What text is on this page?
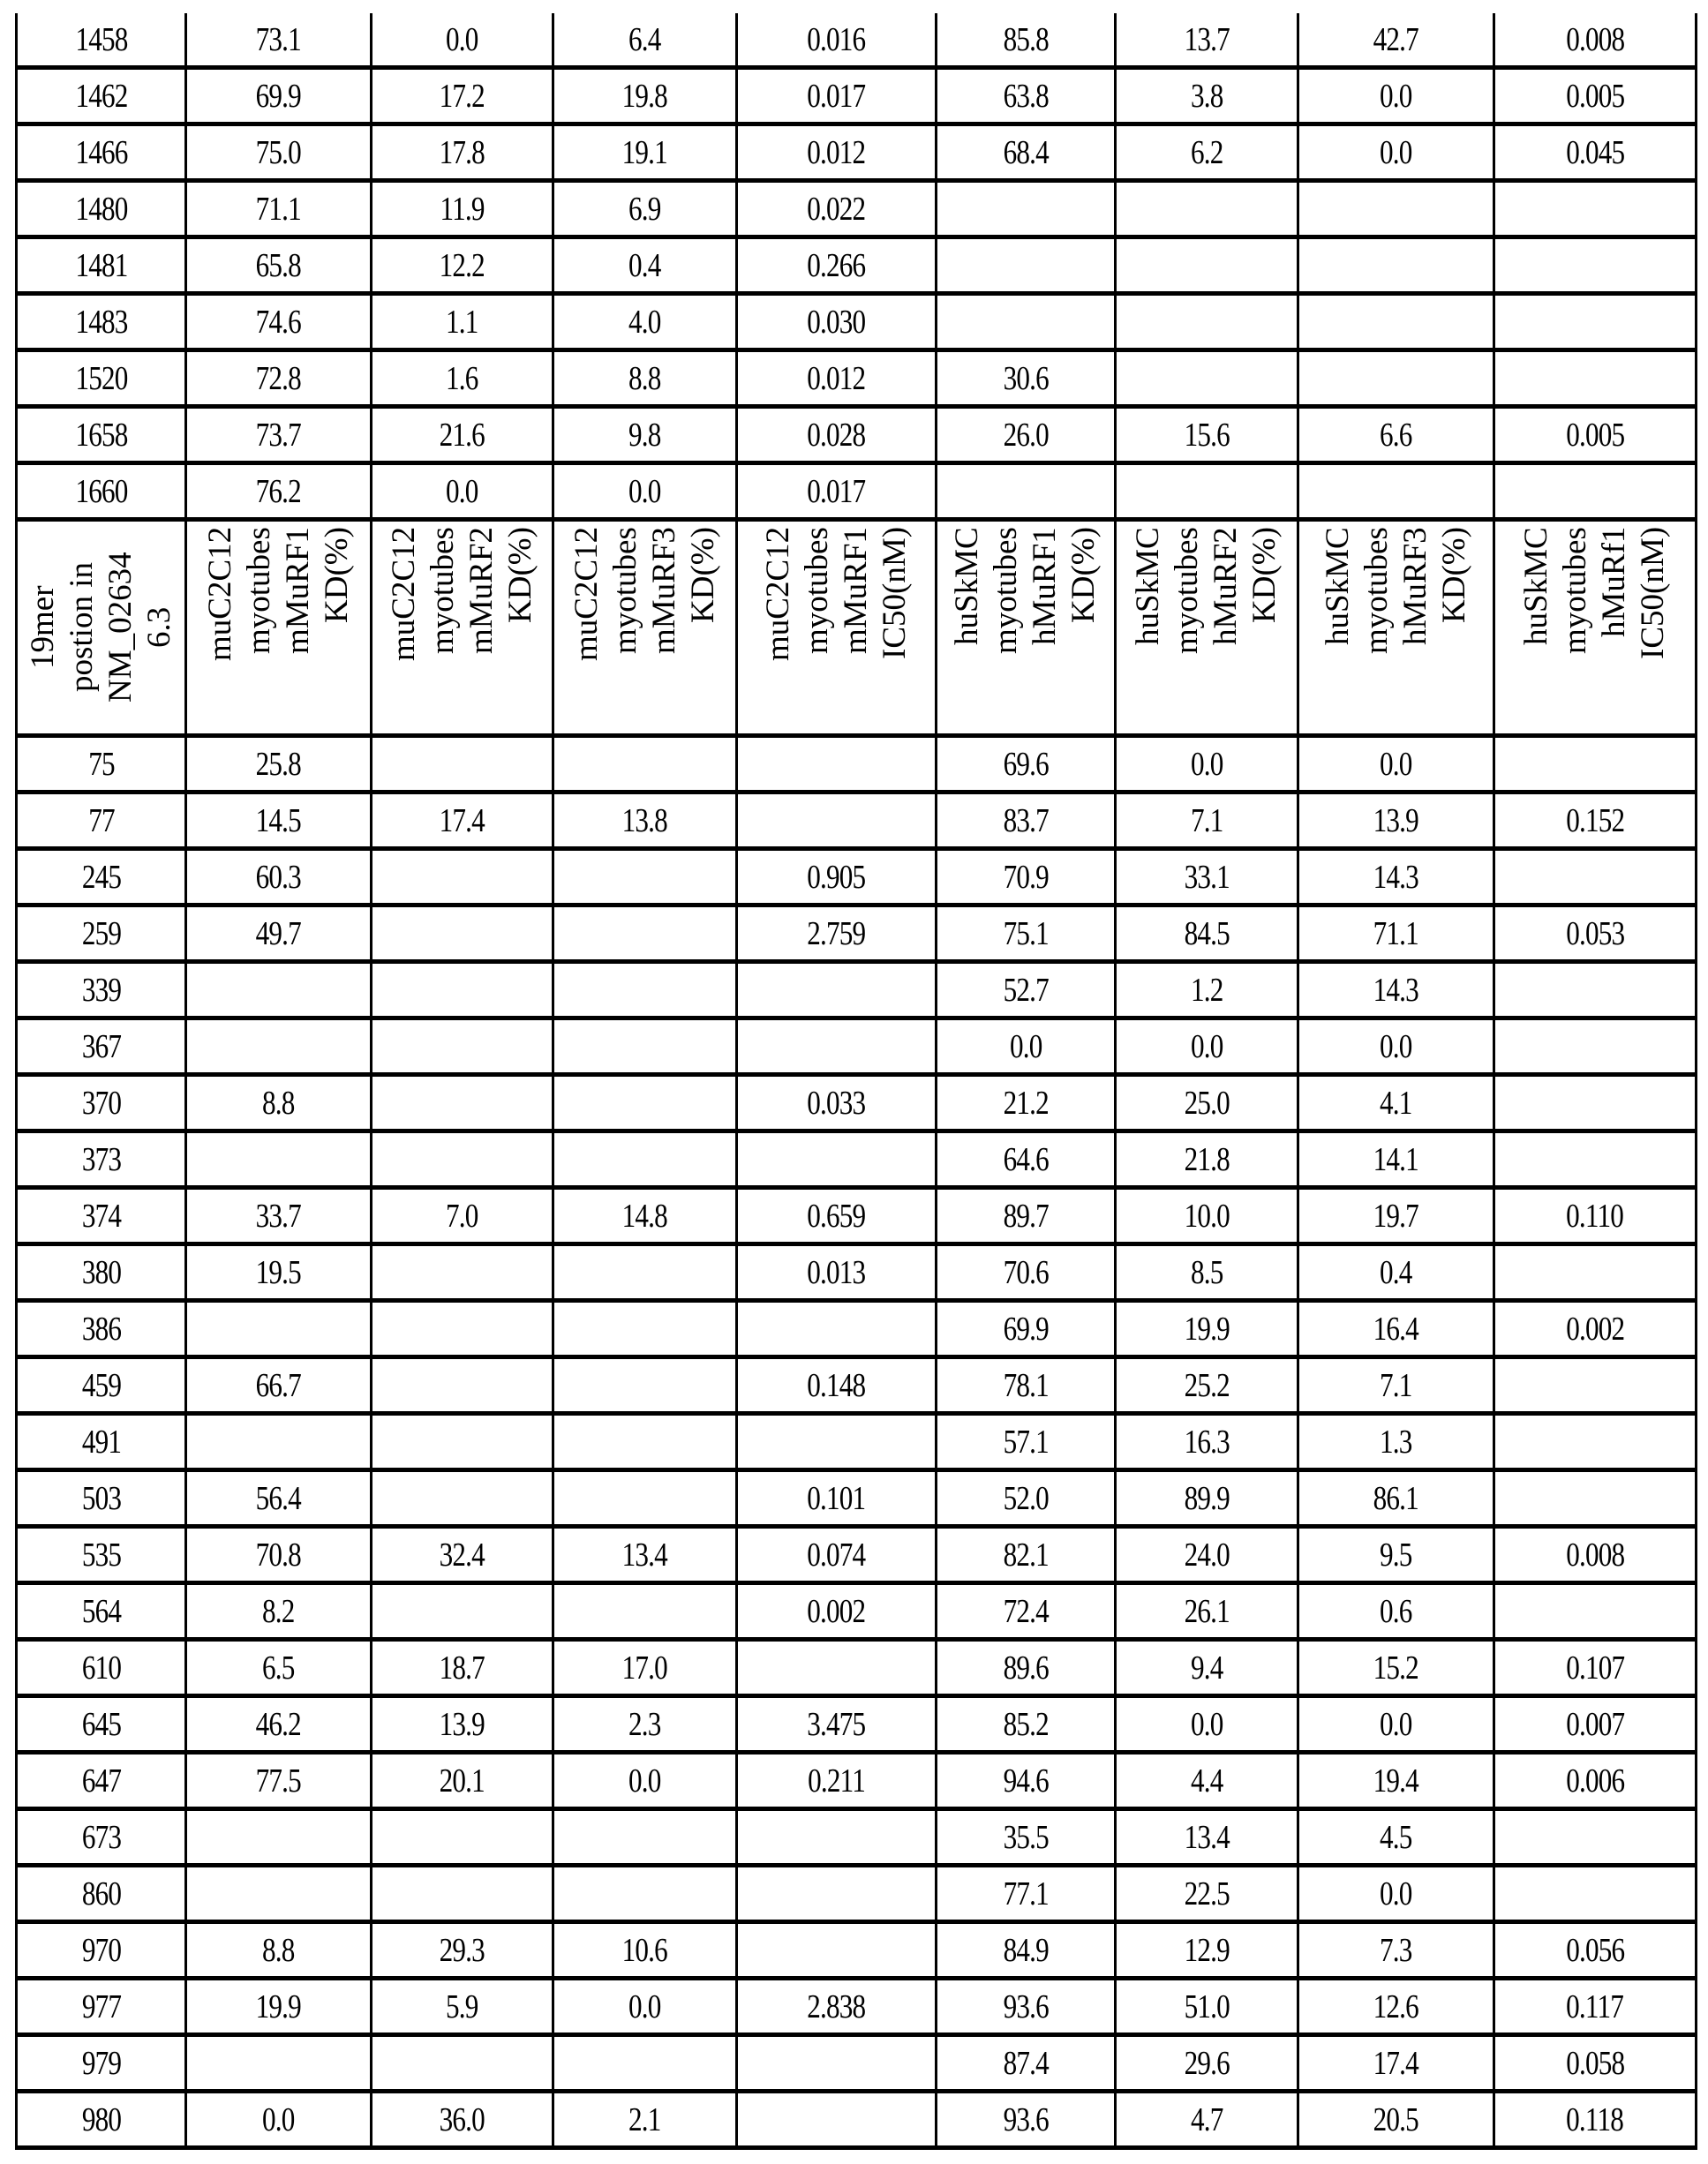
1458	73.1	0.0	6.4	0.016	85.8	13.7	42.7	0.008
1462	69.9	17.2	19.8	0.017	63.8	3.8	0.0	0.005
1466	75.0	17.8	19.1	0.012	68.4	6.2	0.0	0.045
1480	71.1	11.9	6.9	0.022				
1481	65.8	12.2	0.4	0.266				
1483	74.6	1.1	4.0	0.030				
1520	72.8	1.6	8.8	0.012	30.6			
1658	73.7	21.6	9.8	0.028	26.0	15.6	6.6	0.005
1660	76.2	0.0	0.0	0.017				

19mer
postion in
NM_02634
6.3	muC2C12
myotubes
mMuRF1
KD(%)	muC2C12
myotubes
mMuRF2
KD(%)	muC2C12
myotubes
mMuRF3
KD(%)	muC2C12
myotubes
mMuRF1
IC50(nM)	huSkMC
myotubes
hMuRF1
KD(%)	huSkMC
myotubes
hMuRF2
KD(%)	huSkMC
myotubes
hMuRF3
KD(%)	huSkMC
myotubes
hMuRf1
IC50(nM)

75	25.8				69.6	0.0	0.0	
77	14.5	17.4	13.8		83.7	7.1	13.9	0.152
245	60.3			0.905	70.9	33.1	14.3	
259	49.7			2.759	75.1	84.5	71.1	0.053
339					52.7	1.2	14.3	
367					0.0	0.0	0.0	
370	8.8			0.033	21.2	25.0	4.1	
373					64.6	21.8	14.1	
374	33.7	7.0	14.8	0.659	89.7	10.0	19.7	0.110
380	19.5			0.013	70.6	8.5	0.4	
386					69.9	19.9	16.4	0.002
459	66.7			0.148	78.1	25.2	7.1	
491					57.1	16.3	1.3	
503	56.4			0.101	52.0	89.9	86.1	
535	70.8	32.4	13.4	0.074	82.1	24.0	9.5	0.008
564	8.2			0.002	72.4	26.1	0.6	
610	6.5	18.7	17.0		89.6	9.4	15.2	0.107
645	46.2	13.9	2.3	3.475	85.2	0.0	0.0	0.007
647	77.5	20.1	0.0	0.211	94.6	4.4	19.4	0.006
673					35.5	13.4	4.5	
860					77.1	22.5	0.0	
970	8.8	29.3	10.6		84.9	12.9	7.3	0.056
977	19.9	5.9	0.0	2.838	93.6	51.0	12.6	0.117
979					87.4	29.6	17.4	0.058
980	0.0	36.0	2.1		93.6	4.7	20.5	0.118
